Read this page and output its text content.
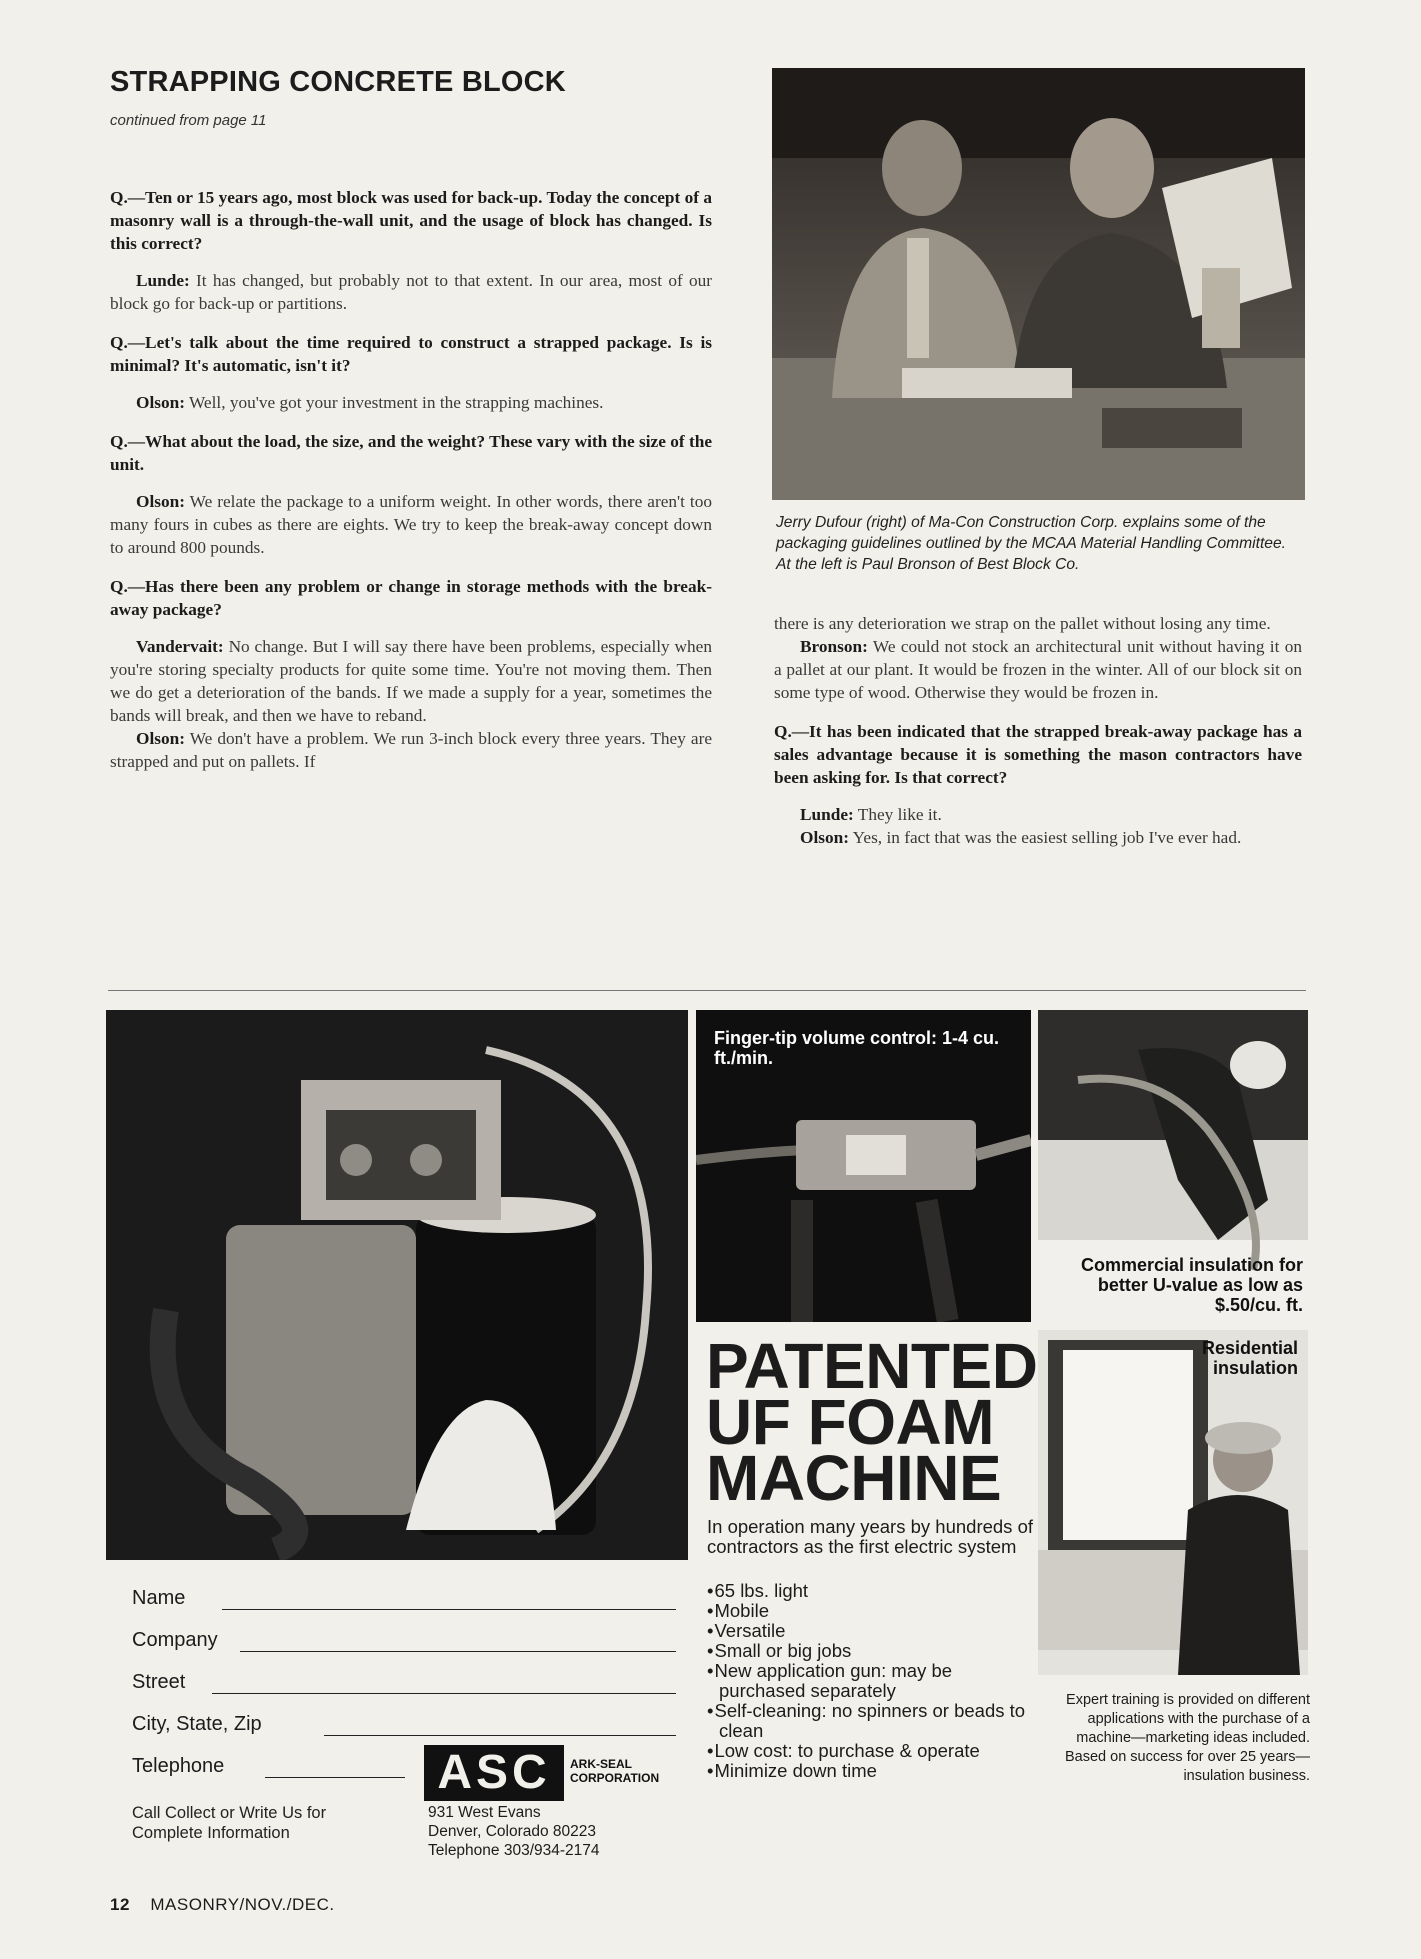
STRAPPING CONCRETE BLOCK
continued from page 11

Q.—Ten or 15 years ago, most block was used for back-up. Today the concept of a masonry wall is a through-the-wall unit, and the usage of block has changed. Is this correct?

Lunde: It has changed, but probably not to that extent. In our area, most of our block go for back-up or partitions.

Q.—Let's talk about the time required to construct a strapped package. Is is minimal? It's automatic, isn't it?

Olson: Well, you've got your investment in the strapping machines.

Q.—What about the load, the size, and the weight? These vary with the size of the unit.

Olson: We relate the package to a uniform weight. In other words, there aren't too many fours in cubes as there are eights. We try to keep the break-away concept down to around 800 pounds.

Q.—Has there been any problem or change in storage methods with the break-away package?

Vandervait: No change. But I will say there have been problems, especially when you're storing specialty products for quite some time. You're not moving them. Then we do get a deterioration of the bands. If we made a supply for a year, sometimes the bands will break, and then we have to reband.

Olson: We don't have a problem. We run 3-inch block every three years. They are strapped and put on pallets. If

Jerry Dufour (right) of Ma-Con Construction Corp. explains some of the packaging guidelines outlined by the MCAA Material Handling Committee. At the left is Paul Bronson of Best Block Co.

there is any deterioration we strap on the pallet without losing any time.

Bronson: We could not stock an architectural unit without having it on a pallet at our plant. It would be frozen in the winter. All of our block sit on some type of wood. Otherwise they would be frozen in.

Q.—It has been indicated that the strapped break-away package has a sales advantage because it is something the mason contractors have been asking for. Is that correct?

Lunde: They like it.

Olson: Yes, in fact that was the easiest selling job I've ever had.

Finger-tip volume control: 1-4 cu. ft./min.
Commercial insulation for better U-value as low as $.50/cu. ft.
Residential insulation
PATENTED
UF FOAM
MACHINE
In operation many years by hundreds of contractors as the first electric system
• 65 lbs. light
• Mobile
• Versatile
• Small or big jobs
• New application gun: may be purchased separately
• Self-cleaning: no spinners or beads to clean
• Low cost: to purchase & operate
• Minimize down time
Expert training is provided on different applications with the purchase of a machine—marketing ideas included. Based on success for over 25 years—insulation business.
Name
Company
Street
City, State, Zip
Telephone
Call Collect or Write Us for Complete Information
ASC	ARK-SEAL CORPORATION
931 West Evans
Denver, Colorado 80223
Telephone 303/934-2174
12 MASONRY/NOV./DEC.
